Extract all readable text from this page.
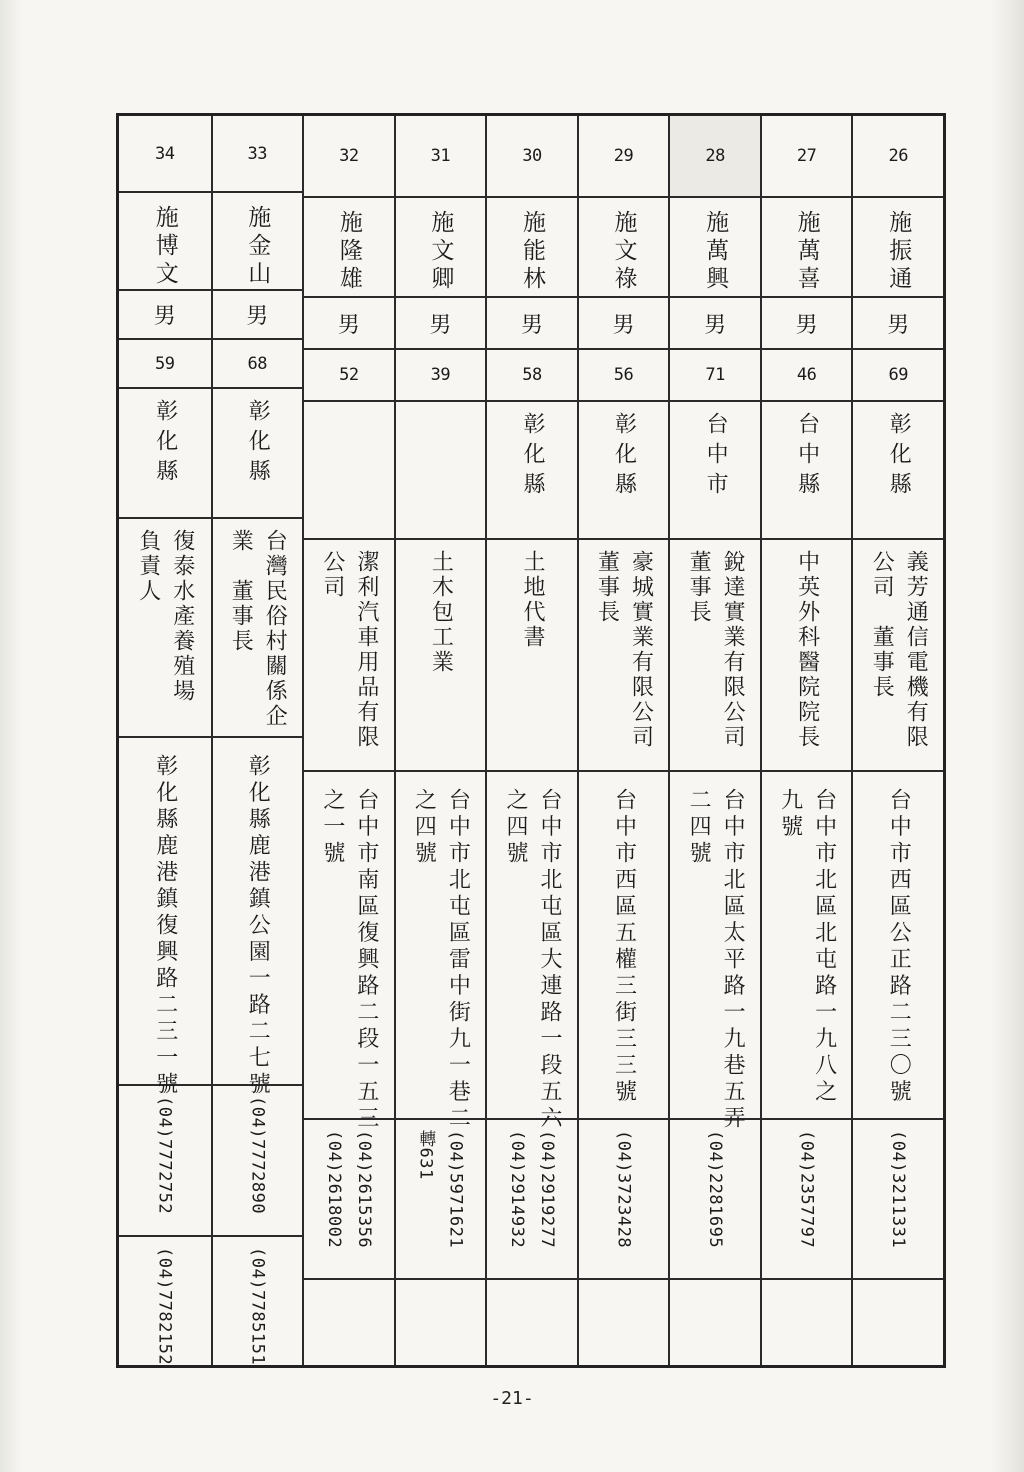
26
施振通
男
69
彰化縣
義芳通信電機有限
公司　董事長
台中市西區公正路二三〇號
(04)3211331
27
施萬喜
男
46
台中縣
中英外科醫院院長
台中市北區北屯路一九八之
九號
(04)2357797
28
施萬興
男
71
台中市
銳達實業有限公司
董事長
台中市北區太平路一九巷五弄
二四號
(04)2281695
29
施文祿
男
56
彰化縣
豪城實業有限公司
董事長
台中市西區五權三街三三號
(04)3723428
30
施能林
男
58
彰化縣
土地代書
台中市北屯區大連路一段五六
之四號
(04)2919277
(04)2914932
31
施文卿
男
39
土木包工業
台中市北屯區雷中街九一巷二
之四號
(04)5971621
轉631
32
施隆雄
男
52
潔利汽車用品有限
公司
台中市南區復興路二段一五三
之一號
(04)2615356
(04)2618002
33
施金山
男
68
彰化縣
台灣民俗村關係企
業　董事長
彰化縣鹿港鎮公園一路二七號
(04)7772890
(04)7785151
34
施博文
男
59
彰化縣
復泰水產養殖場
負責人
彰化縣鹿港鎮復興路二三一號
(04)7772752
(04)7782152
-21-
